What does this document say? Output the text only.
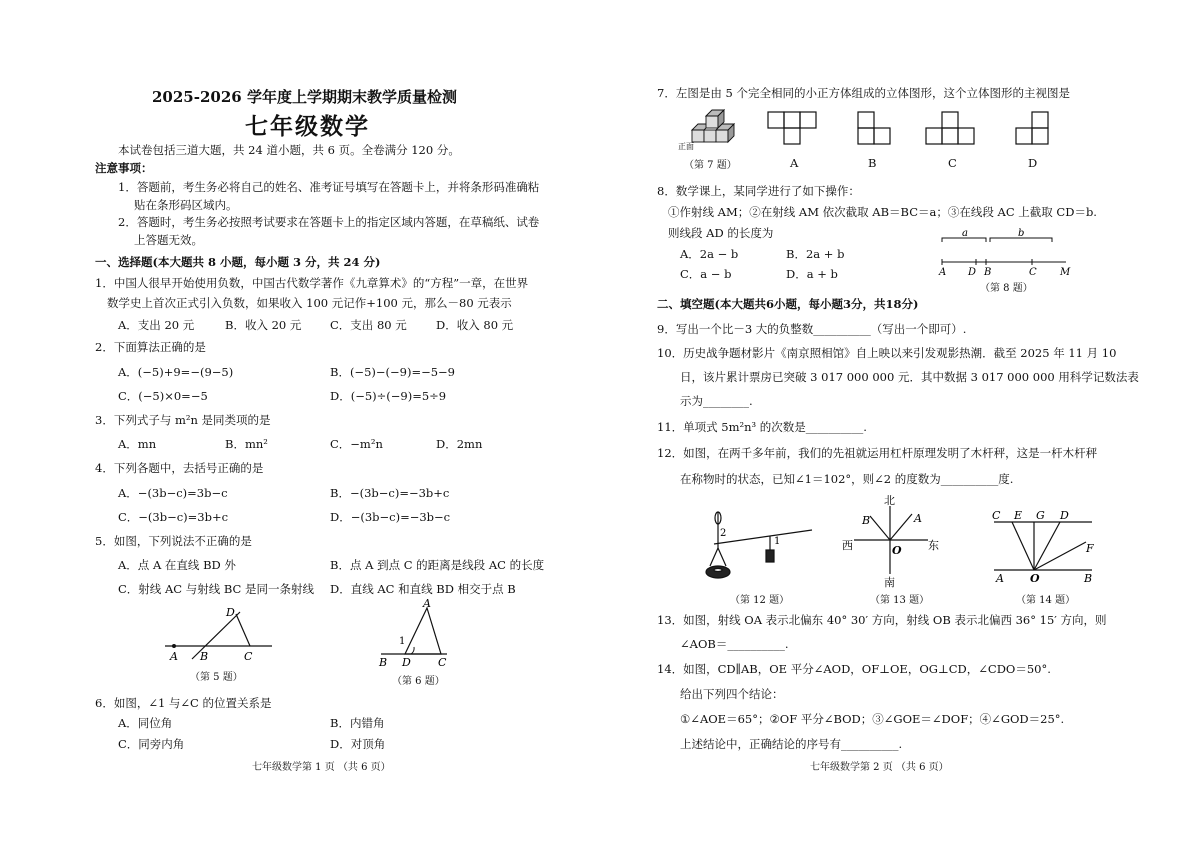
2025-2026 学年度上学期期末教学质量检测
七年级数学
本试卷包括三道大题，共 24 道小题，共 6 页。全卷满分 120 分。
注意事项：
1．答题前，考生务必将自己的姓名、准考证号填写在答题卡上，并将条形码准确粘
贴在条形码区域内。
2．答题时，考生务必按照考试要求在答题卡上的指定区域内答题，在草稿纸、试卷
上答题无效。
一、选择题(本大题共 8 小题，每小题 3 分，共 24 分)
1．中国人很早开始使用负数，中国古代数学著作《九章算术》的“方程”一章，在世界
数学史上首次正式引入负数，如果收入 100 元记作+100 元，那么－80 元表示
A．支出 20 元	B．收入 20 元 C．支出 80 元	D．收入 80 元
2．下面算法正确的是
A．(−5)+9=−(9−5)	B．(−5)−(−9)=−5−9
C．(−5)×0=−5	D．(−5)÷(−9)=5÷9
3．下列式子与 m²n 是同类项的是
A．mn	B．mn²	C．−m²n	D．2mn
4．下列各题中，去括号正确的是
A．−(3b−c)=3b−c	B．−(3b−c)=−3b+c
C．−(3b−c)=3b+c	D．−(3b−c)=−3b−c
5．如图，下列说法不正确的是
A．点 A 在直线 BD 外	B．点 A 到点 C 的距离是线段 AC 的长度
C．射线 AC 与射线 BC 是同一条射线 D．直线 AC 和直线 BD 相交于点 B
D
A B	C
（第 5 题）
A
1
B D C
（第 6 题）
6．如图，∠1 与∠C 的位置关系是
A．同位角	B．内错角
C．同旁内角	D．对顶角
七年级数学第 1 页 （共 6 页）
7．左图是由 5 个完全相同的小正方体组成的立体图形，这个立体图形的主视图是
正面
（第 7 题）	A	B	C	D
8．数学课上，某同学进行了如下操作：
①作射线 AM；②在射线 AM 依次截取 AB＝BC＝a；③在线段 AC 上截取 CD＝b.
则线段 AD 的长度为
A．2a − b	B．2a + b
C．a − b	D．a + b
a	b
A D B	C M
（第 8 题）
二、填空题(本大题共6小题，每小题3分，共18分)
9．写出一个比－3 大的负整数__________（写出一个即可）.
10．历史战争题材影片《南京照相馆》自上映以来引发观影热潮．截至 2025 年 11 月 10
日，该片累计票房已突破 3 017 000 000 元．其中数据 3 017 000 000 用科学记数法表
示为________.
11．单项式 5m²n³ 的次数是__________.
12．如图，在两千多年前，我们的先祖就运用杠杆原理发明了木杆秤，这是一杆木杆秤
在称物时的状态，已知∠1＝102°，则∠2 的度数为__________度.
2
1
（第 12 题）
北
B	A
西	东
O
南
（第 13 题）
C E G D
F
A O	B
（第 14 题）
13．如图，射线 OA 表示北偏东 40° 30′ 方向，射线 OB 表示北偏西 36° 15′ 方向，则
∠AOB＝__________.
14．如图，CD∥AB，OE 平分∠AOD，OF⊥OE，OG⊥CD，∠CDO＝50°.
给出下列四个结论：
①∠AOE＝65°；②OF 平分∠BOD；③∠GOE＝∠DOF；④∠GOD＝25°.
上述结论中，正确结论的序号有__________.
七年级数学第 2 页 （共 6 页）
